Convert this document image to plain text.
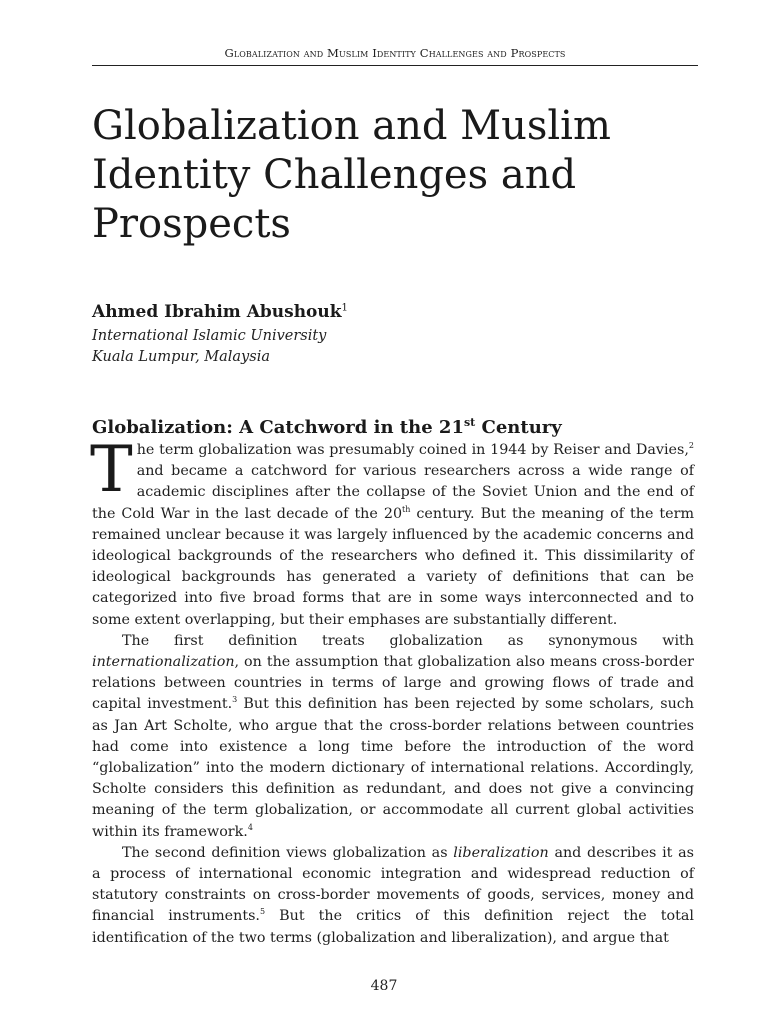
Globalization and Muslim Identity Challenges and Prospects
Globalization and Muslim Identity Challenges and Prospects
Ahmed Ibrahim Abushouk$^1$
International Islamic University
Kuala Lumpur, Malaysia
Globalization: A Catchword in the 21st Century

The term globalization was presumably coined in 1944 by Reiser and Davies,$^2$ and became a catchword for various researchers across a wide range of academic disciplines after the collapse of the Soviet Union and the end of the Cold War in the last decade of the 20th century. But the meaning of the term remained unclear because it was largely influenced by the academic concerns and ideological backgrounds of the researchers who defined it. This dissimilarity of ideological backgrounds has generated a variety of definitions that can be categorized into five broad forms that are in some ways interconnected and to some extent overlapping, but their emphases are substantially different.

The first definition treats globalization as synonymous with internationalization, on the assumption that globalization also means cross-border relations between countries in terms of large and growing flows of trade and capital investment.$^3$ But this definition has been rejected by some scholars, such as Jan Art Scholte, who argue that the cross-border relations between countries had come into existence a long time before the introduction of the word “globalization” into the modern dictionary of international relations. Accordingly, Scholte considers this definition as redundant, and does not give a convincing meaning of the term globalization, or accommodate all current global activities within its framework.$^4$

The second definition views globalization as liberalization and describes it as a process of international economic integration and widespread reduction of statutory constraints on cross-border movements of goods, services, money and financial instruments.$^5$ But the critics of this definition reject the total identification of the two terms (globalization and liberalization), and argue that

487
